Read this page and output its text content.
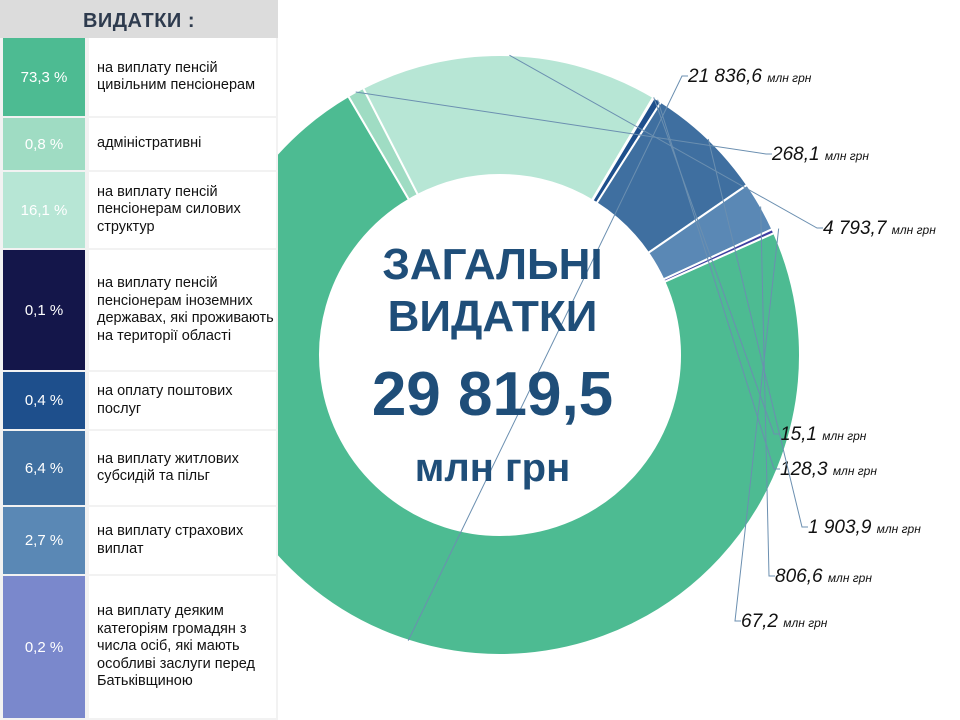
21 836,6 млн грн
268,1 млн грн
4 793,7 млн грн
15,1 млн грн
128,3 млн грн
1 903,9 млн грн
806,6 млн грн
67,2 млн грн
ВИДАТКИ :
73,3 %
на виплату пенсій цивільним пенсіонерам
0,8 %	адміністративні
16,1 %
на виплату пенсій пенсіонерам силових структур
0,1 %
на виплату пенсій пенсіонерам іноземних державах, які проживають на території області
0,4 %
на оплату поштових послуг
6,4 %
на виплату житлових субсидій та пільг
2,7 %
на виплату страхових виплат
0,2 %
на виплату деяким категоріям громадян з числа осіб, які мають особливі заслуги перед Батьківщиною
ЗАГАЛЬНІ
ВИДАТКИ
29 819,5
млн грн
